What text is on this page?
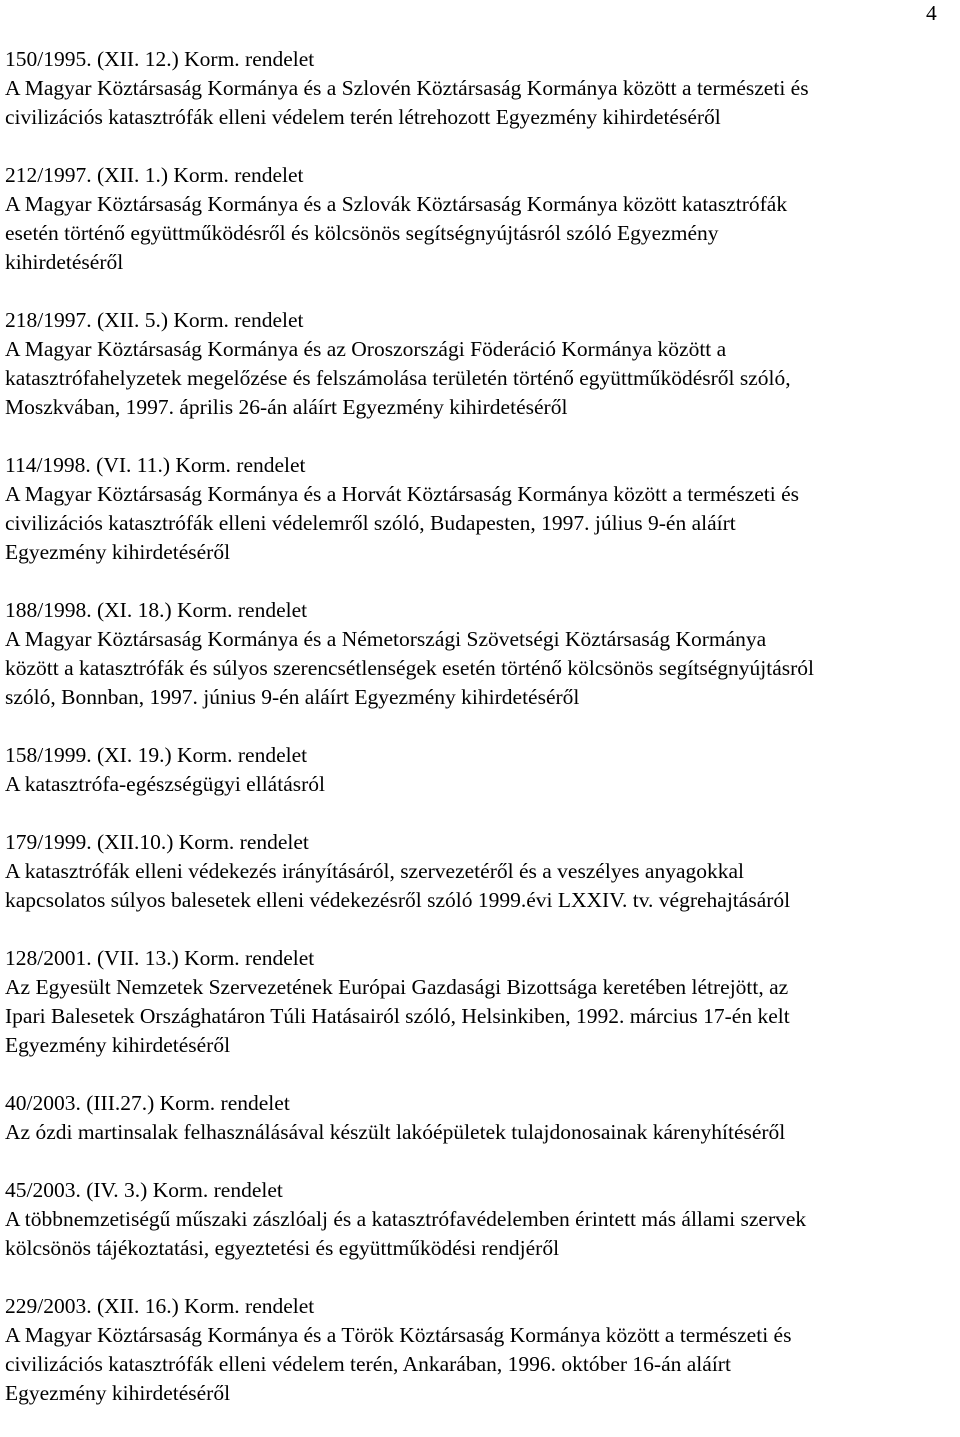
4
150/1995. (XII. 12.) Korm. rendelet
A Magyar Köztársaság Kormánya és a Szlovén Köztársaság Kormánya között a természeti és
civilizációs katasztrófák elleni védelem terén létrehozott Egyezmény kihirdetéséről
212/1997. (XII. 1.) Korm. rendelet
A Magyar Köztársaság Kormánya és a Szlovák Köztársaság Kormánya között katasztrófák
esetén történő együttműködésről és kölcsönös segítségnyújtásról szóló Egyezmény
kihirdetéséről
218/1997. (XII. 5.) Korm. rendelet
A Magyar Köztársaság Kormánya és az Oroszországi Föderáció Kormánya között a
katasztrófahelyzetek megelőzése és felszámolása területén történő együttműködésről szóló,
Moszkvában, 1997. április 26-án aláírt Egyezmény kihirdetéséről
114/1998. (VI. 11.) Korm. rendelet
A Magyar Köztársaság Kormánya és a Horvát Köztársaság Kormánya között a természeti és
civilizációs katasztrófák elleni védelemről szóló, Budapesten, 1997. július 9-én aláírt
Egyezmény kihirdetéséről
188/1998. (XI. 18.) Korm. rendelet
A Magyar Köztársaság Kormánya és a Németországi Szövetségi Köztársaság Kormánya
között a katasztrófák és súlyos szerencsétlenségek esetén történő kölcsönös segítségnyújtásról
szóló, Bonnban, 1997. június 9-én aláírt Egyezmény kihirdetéséről
158/1999. (XI. 19.) Korm. rendelet
A katasztrófa-egészségügyi ellátásról
179/1999. (XII.10.) Korm. rendelet
A katasztrófák elleni védekezés irányításáról, szervezetéről és a veszélyes anyagokkal
kapcsolatos súlyos balesetek elleni védekezésről szóló 1999.évi LXXIV. tv. végrehajtásáról
128/2001. (VII. 13.) Korm. rendelet
Az Egyesült Nemzetek Szervezetének Európai Gazdasági Bizottsága keretében létrejött, az
Ipari Balesetek Országhatáron Túli Hatásairól szóló, Helsinkiben, 1992. március 17-én kelt
Egyezmény kihirdetéséről
40/2003. (III.27.) Korm. rendelet
Az ózdi martinsalak felhasználásával készült lakóépületek tulajdonosainak kárenyhítéséről
45/2003. (IV. 3.) Korm. rendelet
A többnemzetiségű műszaki zászlóalj és a katasztrófavédelemben érintett más állami szervek
kölcsönös tájékoztatási, egyeztetési és együttműködési rendjéről
229/2003. (XII. 16.) Korm. rendelet
A Magyar Köztársaság Kormánya és a Török Köztársaság Kormánya között a természeti és
civilizációs katasztrófák elleni védelem terén, Ankarában, 1996. október 16-án aláírt
Egyezmény kihirdetéséről
